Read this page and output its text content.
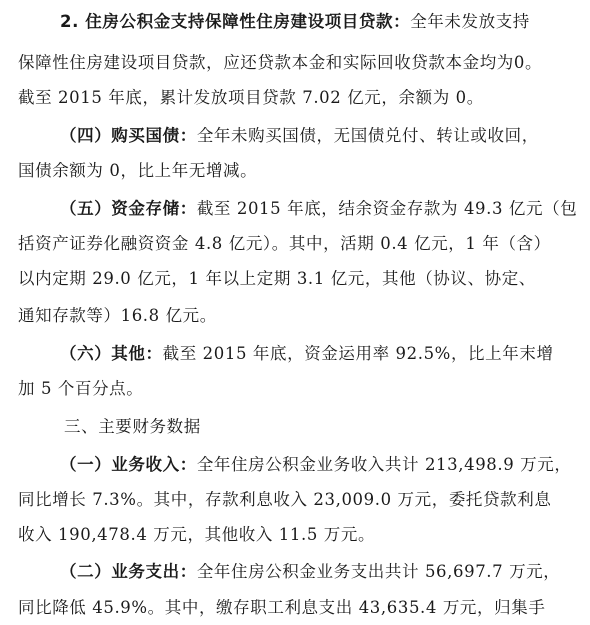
2. 住房公积金支持保障性住房建设项目贷款：全年未发放支持
保障性住房建设项目贷款，应还贷款本金和实际回收贷款本金均为0。
截至 2015 年底，累计发放项目贷款 7.02 亿元，余额为 0。
（四）购买国债：全年未购买国债，无国债兑付、转让或收回，
国债余额为 0，比上年无增减。
（五）资金存储：截至 2015 年底，结余资金存款为 49.3 亿元（包
括资产证券化融资资金 4.8 亿元）。其中，活期 0.4 亿元，1 年（含）
以内定期 29.0 亿元，1 年以上定期 3.1 亿元，其他（协议、协定、
通知存款等）16.8 亿元。
（六）其他：截至 2015 年底，资金运用率 92.5%，比上年末增
加 5 个百分点。
三、主要财务数据
（一）业务收入：全年住房公积金业务收入共计 213,498.9 万元，
同比增长 7.3%。其中，存款利息收入 23,009.0 万元，委托贷款利息
收入 190,478.4 万元，其他收入 11.5 万元。
（二）业务支出：全年住房公积金业务支出共计 56,697.7 万元，
同比降低 45.9%。其中，缴存职工利息支出 43,635.4 万元，归集手
